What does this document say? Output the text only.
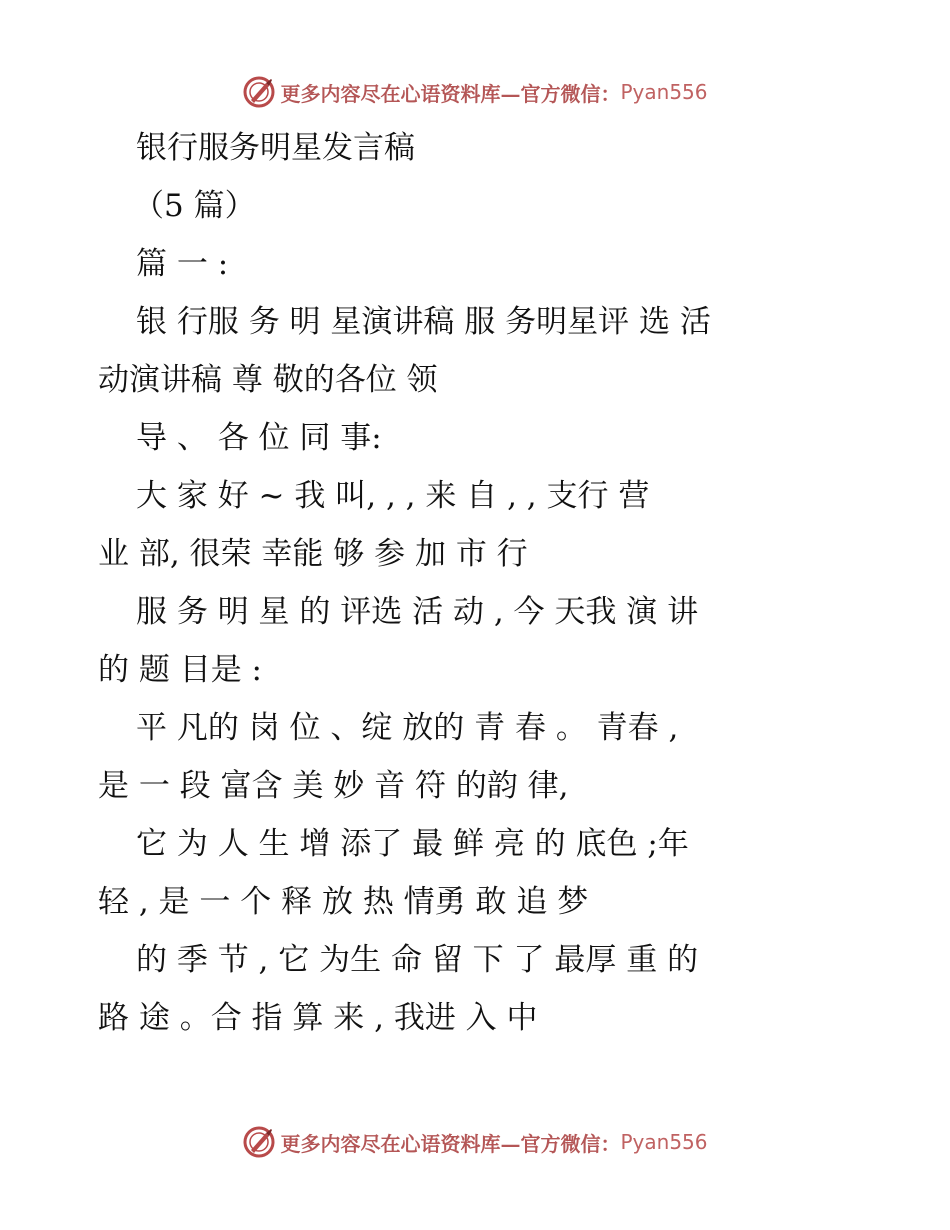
更多内容尽在心语资料库—官方微信： Pyan556
银行服务明星发言稿
（5 篇）
篇 一 :
银 行服 务 明 星演讲稿 服 务明星评 选 活
动演讲稿 尊 敬的各位 领
导 、 各 位 同 事:
大 家 好 ~ 我 叫, , , 来 自 , , 支行 营
业 部, 很荣 幸能 够 参 加 市 行
服 务 明 星 的 评选 活 动 , 今 天我 演 讲
的 题 目是 :
平 凡的 岗 位 、绽 放的 青 春 。 青春 ,
是 一 段 富含 美 妙 音 符 的韵 律,
它 为 人 生 增 添了 最 鲜 亮 的 底色 ;年
轻 , 是 一 个 释 放 热 情勇 敢 追 梦
的 季 节 , 它 为生 命 留 下 了 最厚 重 的
路 途 。合 指 算 来 , 我进 入 中
更多内容尽在心语资料库—官方微信： Pyan556
